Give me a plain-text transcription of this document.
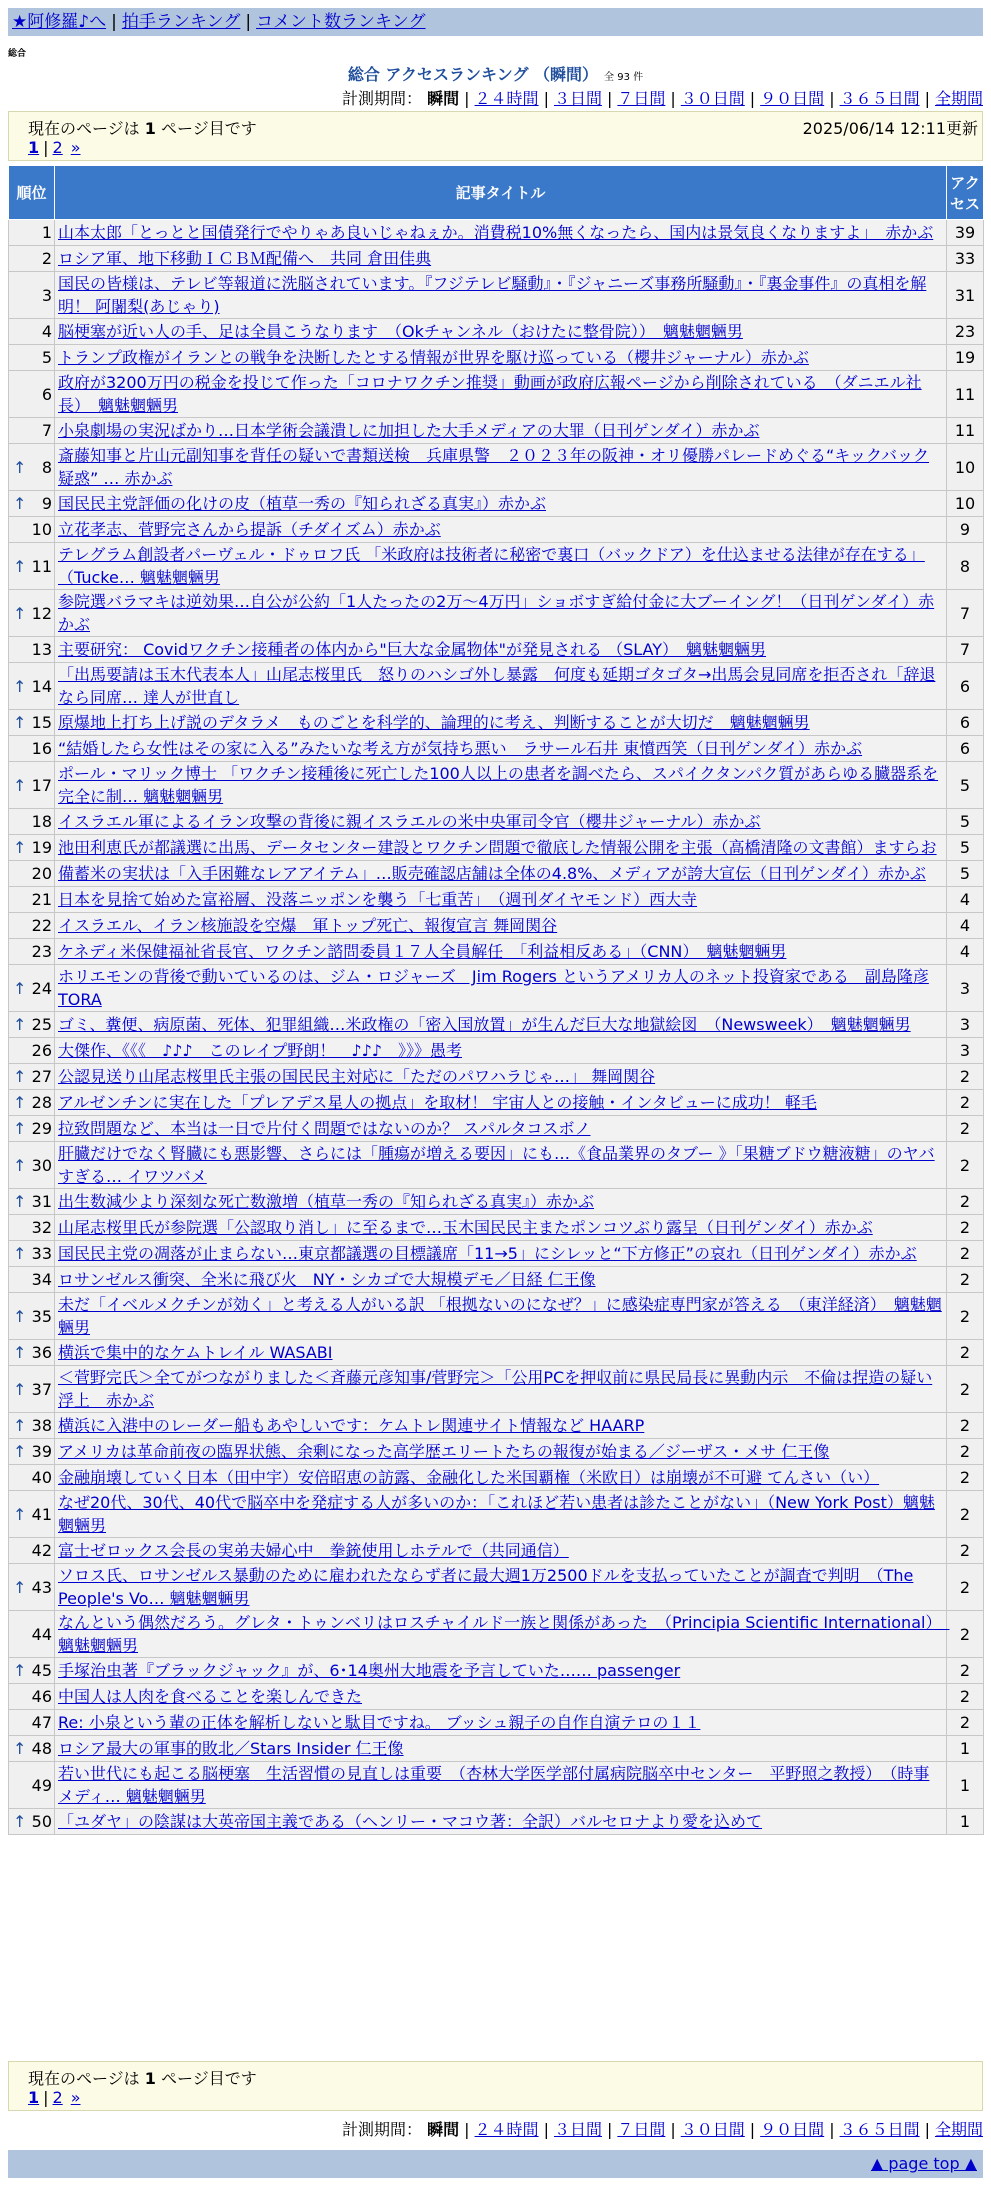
★阿修羅♪へ | 拍手ランキング | コメント数ランキング
総合
総合 アクセスランキング （瞬間） 全 93 件
計測期間： 瞬間 | ２４時間 | ３日間 | ７日間 | ３０日間 | ９０日間 | ３６５日間 | 全期間
現在のページは 1 ページ目です	2025/06/14 12:11更新
1 | 2 »
順位	記事タイトル	アクセス
1	山本太郎「とっとと国債発行でやりゃあ良いじゃねぇか。消費税10%無くなったら、国内は景気良くなりますよ」　赤かぶ	39
2	ロシア軍、地下移動ＩＣＢＭ配備へ　共同 倉田佳典	33
3	国民の皆様は、テレビ等報道に洗脳されています。『フジテレビ騒動』・『ジャニーズ事務所騒動』・『裏金事件』の真相を解明！ 阿闍梨(あじゃり)	31
4	脳梗塞が近い人の手、足は全員こうなります　（Okチャンネル（おけたに整骨院））　魑魅魍魎男	23
5	トランプ政権がイランとの戦争を決断したとする情報が世界を駆け巡っている（櫻井ジャーナル）赤かぶ	19
6	政府が3200万円の税金を投じて作った「コロナワクチン推奨」動画が政府広報ページから削除されている　（ダニエル社長）　魑魅魍魎男	11
7	小泉劇場の実況ばかり…日本学術会議潰しに加担した大手メディアの大罪（日刊ゲンダイ）赤かぶ	11

↑ 8	斎藤知事と片山元副知事を背任の疑いで書類送検　兵庫県警　２０２３年の阪神・オリ優勝パレードめぐる“キックバック疑惑” … 赤かぶ	10

↑ 9	国民民主党評価の化けの皮（植草一秀の『知られざる真実』）赤かぶ	10
10	立花孝志、菅野完さんから提訴（チダイズム）赤かぶ	9

↑ 11	テレグラム創設者パーヴェル・ドゥロフ氏 「米政府は技術者に秘密で裏口（バックドア）を仕込ませる法律が存在する」（Tucke… 魑魅魍魎男	8

↑ 12	参院選バラマキは逆効果…自公が公約「1人たったの2万～4万円」ショボすぎ給付金に大ブーイング！（日刊ゲンダイ）赤かぶ	7
13	主要研究： Covidワクチン接種者の体内から"巨大な金属物体"が発見される （SLAY）　魑魅魍魎男	7

↑ 14	「出馬要請は玉木代表本人」山尾志桜里氏　怒りのハシゴ外し暴露　何度も延期ゴタゴタ→出馬会見同席を拒否され「辞退なら同席… 達人が世直し	6

↑ 15	原爆地上打ち上げ説のデタラメ　ものごとを科学的、論理的に考え、判断することが大切だ　魑魅魍魎男	6
16	“結婚したら女性はその家に入る”みたいな考え方が気持ち悪い　ラサール石井 東憤西笑（日刊ゲンダイ）赤かぶ	6

↑ 17	ポール・マリック博士 「ワクチン接種後に死亡した100人以上の患者を調べたら、スパイクタンパク質があらゆる臓器系を完全に制… 魑魅魍魎男	5
18	イスラエル軍によるイラン攻撃の背後に親イスラエルの米中央軍司令官（櫻井ジャーナル）赤かぶ	5

↑ 19	池田利恵氏が都議選に出馬、データセンター建設とワクチン問題で徹底した情報公開を主張（高橋清隆の文書館）ますらお	5
20	備蓄米の実状は「入手困難なレアアイテム」…販売確認店舗は全体の4.8%、メディアが誇大宣伝（日刊ゲンダイ）赤かぶ	5
21	日本を見捨て始めた富裕層、没落ニッポンを襲う「七重苦」　（週刊ダイヤモンド）西大寺	4
22	イスラエル、イラン核施設を空爆　軍トップ死亡、報復宣言 舞岡関谷	4
23	ケネディ米保健福祉省長官、ワクチン諮問委員１７人全員解任　「利益相反ある」（CNN）　魑魅魍魎男	4

↑ 24	ホリエモンの背後で動いているのは、ジム・ロジャーズ　Jim Rogers というアメリカ人のネット投資家である　副島隆彦 TORA	3

↑ 25	ゴミ、糞便、病原菌、死体、犯罪組織…米政権の「密入国放置」が生んだ巨大な地獄絵図　（Newsweek）　魑魅魍魎男	3
26	大傑作、《《《　♪♪♪　このレイプ野朗！　♪♪♪　》》》愚考	3

↑ 27	公認見送り山尾志桜里氏主張の国民民主対応に「ただのパワハラじゃ…」 舞岡関谷	2

↑ 28	アルゼンチンに実在した「プレアデス星人の拠点」を取材！ 宇宙人との接触・インタビューに成功！ 軽毛	2

↑ 29	拉致問題など、本当は一日で片付く問題ではないのか？ スパルタコスボノ	2

↑ 30	肝臓だけでなく腎臓にも悪影響、さらには「腫瘍が増える要因」にも…《食品業界のタブー 》「果糖ブドウ糖液糖」のヤバすぎる… イワツバメ	2

↑ 31	出生数減少より深刻な死亡数激増（植草一秀の『知られざる真実』）赤かぶ	2
32	山尾志桜里氏が参院選「公認取り消し」に至るまで…玉木国民民主またポンコツぶり露呈（日刊ゲンダイ）赤かぶ	2

↑ 33	国民民主党の凋落が止まらない…東京都議選の目標議席「11→5」にシレッと“下方修正”の哀れ（日刊ゲンダイ）赤かぶ	2
34	ロサンゼルス衝突、全米に飛び火　NY・シカゴで大規模デモ／日経 仁王像	2

↑ 35	未だ「イベルメクチンが効く」と考える人がいる訳 「根拠ないのになぜ？」に感染症専門家が答える　（東洋経済）　魑魅魍魎男	2

↑ 36	横浜で集中的なケムトレイル WASABI	2

↑ 37	＜菅野完氏＞全てがつながりました＜斉藤元彦知事/菅野完＞「公用PCを押収前に県民局長に異動内示　不倫は捏造の疑い浮上　赤かぶ	2

↑ 38	横浜に入港中のレーダー船もあやしいです：ケムトレ関連サイト情報など HAARP	2

↑ 39	アメリカは革命前夜の臨界状態、余剰になった高学歴エリートたちの報復が始まる／ジーザス・メサ 仁王像	2
40	金融崩壊していく日本（田中宇）安倍昭恵の訪露、金融化した米国覇権（米欧日）は崩壊が不可避 てんさい（い）	2

↑ 41	なぜ20代、30代、40代で脳卒中を発症する人が多いのか：「これほど若い患者は診たことがない」（New York Post）魑魅魍魎男	2
42	富士ゼロックス会長の実弟夫婦心中　拳銃使用しホテルで（共同通信）	2

↑ 43	ソロス氏、ロサンゼルス暴動のために雇われたならず者に最大週1万2500ドルを支払っていたことが調査で判明　（The People's Vo… 魑魅魍魎男	2
44	なんという偶然だろう。グレタ・トゥンベリはロスチャイルド一族と関係があった　（Principia Scientific International）　魑魅魍魎男	2

↑ 45	手塚治虫著『ブラックジャック』が、6･14奥州大地震を予言していた…… passenger	2
46	中国人は人肉を食べることを楽しんできた	2
47	Re: 小泉という輩の正体を解析しないと駄目ですね。 ブッシュ親子の自作自演テロの１１	2

↑ 48	ロシア最大の軍事的敗北／Stars Insider 仁王像	1
49	若い世代にも起こる脳梗塞　生活習慣の見直しは重要　（杏林大学医学部付属病院脳卒中センター　平野照之教授）　（時事メディ… 魑魅魍魎男	1

↑ 50	「ユダヤ」の陰謀は大英帝国主義である（ヘンリー・マコウ著：全訳）バルセロナより愛を込めて	1
現在のページは 1 ページ目です
1 | 2 »
計測期間： 瞬間 | ２４時間 | ３日間 | ７日間 | ３０日間 | ９０日間 | ３６５日間 | 全期間
▲ page top ▲
